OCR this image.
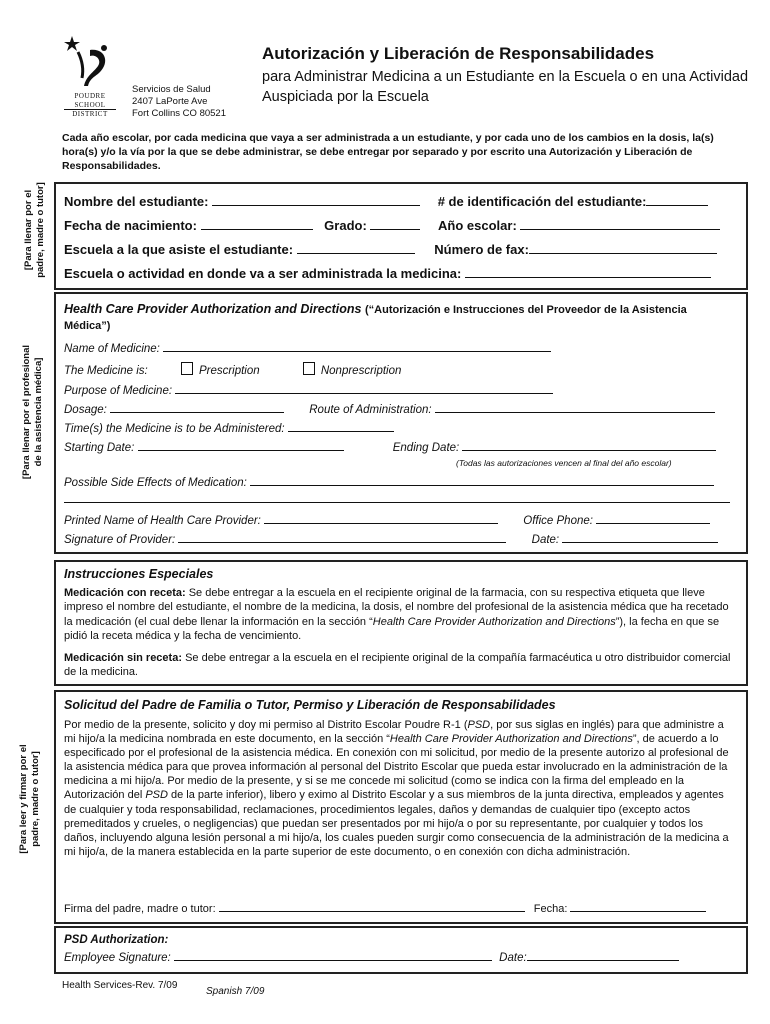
POUDRE
SCHOOL
DISTRICT
Servicios de Salud
2407 LaPorte Ave
Fort Collins CO 80521
Autorización y Liberación de Responsabilidades
para Administrar Medicina a un Estudiante en la Escuela o en una Actividad Auspiciada por la Escuela
Cada año escolar, por cada medicina que vaya a ser administrada a un estudiante, y por cada uno de los cambios en la dosis, la(s) hora(s) y/o la vía por la que se debe administrar, se debe entregar por separado y por escrito una Autorización y Liberación de Responsabilidades.
[Para llenar por el padre, madre o tutor]
[Para llenar por el profesional de la asistencia médica]
[Para leer y firmar por el padre, madre o tutor]
Nombre del estudiante:	# de identificación del estudiante:
Fecha de nacimiento:	Grado:	Año escolar:
Escuela a la que asiste el estudiante:	Número de fax:
Escuela o actividad en donde va a ser administrada la medicina:
Health Care Provider Authorization and Directions (“Autorización e Instrucciones del Proveedor de la Asistencia Médica”)
Name of Medicine:
The Medicine is:	Prescription	Nonprescription
Purpose of Medicine:
Dosage:	Route of Administration:
Time(s) the Medicine is to be Administered:
Starting Date:	Ending Date:
(Todas las autorizaciones vencen al final del año escolar)
Possible Side Effects of Medication:
Printed Name of Health Care Provider:	Office Phone:
Signature of Provider:	Date:
Instrucciones Especiales
Medicación con receta: Se debe entregar a la escuela en el recipiente original de la farmacia, con su respectiva etiqueta que lleve impreso el nombre del estudiante, el nombre de la medicina, la dosis, el nombre del profesional de la asistencia médica que ha recetado la medicación (el cual debe llenar la información en la sección “Health Care Provider Authorization and Directions”), la fecha en que se pidió la receta médica y la fecha de vencimiento.
Medicación sin receta: Se debe entregar a la escuela en el recipiente original de la compañía farmacéutica u otro distribuidor comercial de la medicina.
Solicitud del Padre de Familia o Tutor, Permiso y Liberación de Responsabilidades
Por medio de la presente, solicito y doy mi permiso al Distrito Escolar Poudre R-1 (PSD, por sus siglas en inglés) para que administre a mi hijo/a la medicina nombrada en este documento, en la sección “Health Care Provider Authorization and Directions”, de acuerdo a lo especificado por el profesional de la asistencia médica. En conexión con mi solicitud, por medio de la presente autorizo al profesional de la asistencia médica para que provea información al personal del Distrito Escolar que pueda estar involucrado en la administración de la medicina a mi hijo/a. Por medio de la presente, y si se me concede mi solicitud (como se indica con la firma del empleado en la Autorización del PSD de la parte inferior), libero y eximo al Distrito Escolar y a sus miembros de la junta directiva, empleados y agentes de cualquier y toda responsabilidad, reclamaciones, procedimientos legales, daños y demandas de cualquier tipo (excepto actos premeditados y crueles, o negligencias) que puedan ser presentados por mi hijo/a o por su representante, por cualquier y todos los daños, incluyendo alguna lesión personal a mi hijo/a, los cuales pueden surgir como consecuencia de la administración de la medicina a mi hijo/a, de la manera establecida en la parte superior de este documento, o en conexión con dicha administración.
Firma del padre, madre o tutor:	Fecha:
PSD Authorization:
Employee Signature:	Date:
Health Services-Rev. 7/09
Spanish 7/09
